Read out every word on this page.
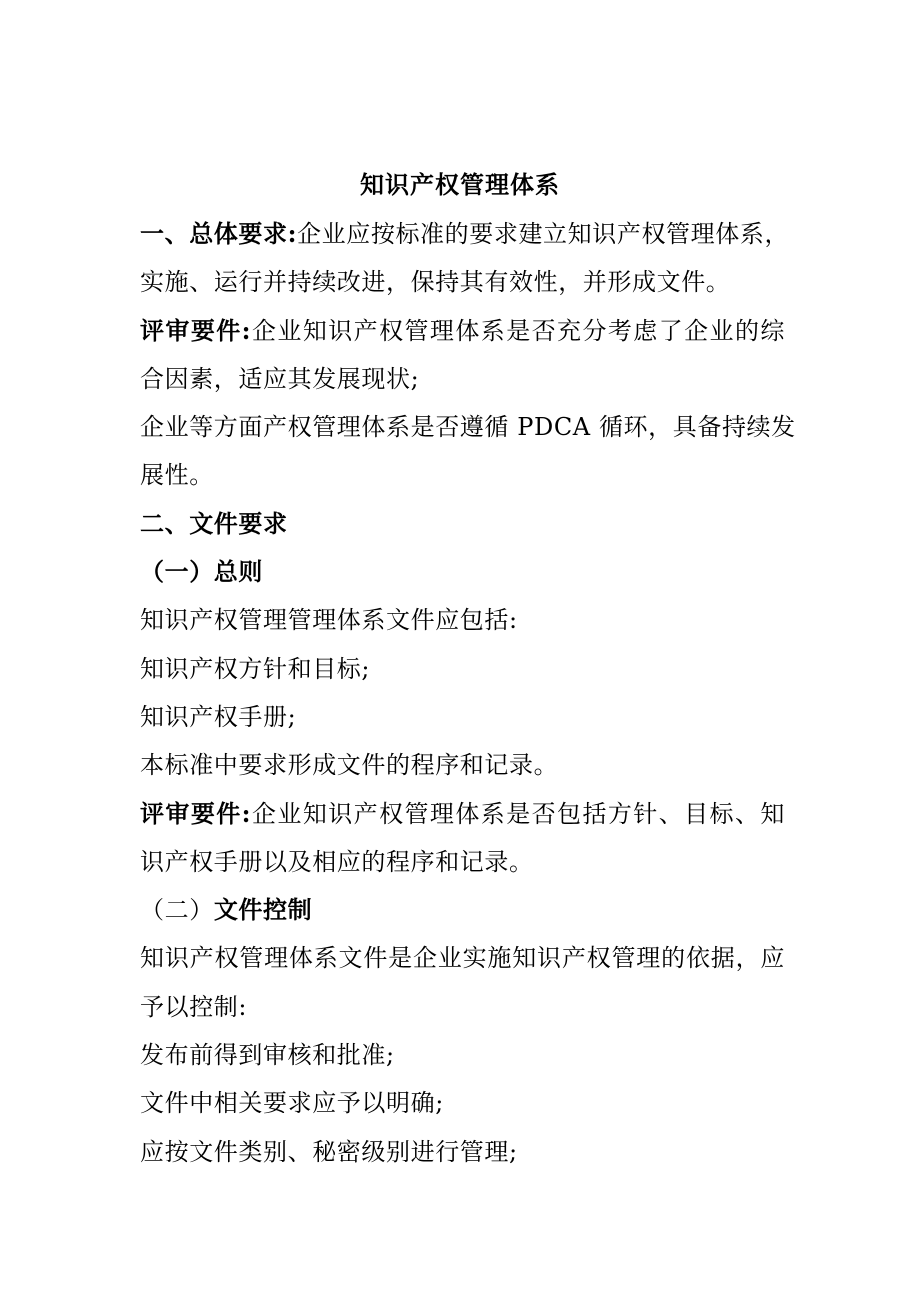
知识产权管理体系
一、总体要求:企业应按标准的要求建立知识产权管理体系，
实施、运行并持续改进，保持其有效性，并形成文件。
评审要件:企业知识产权管理体系是否充分考虑了企业的综
合因素，适应其发展现状;
企业等方面产权管理体系是否遵循 PDCA 循环，具备持续发
展性。
二、文件要求
（一）总则
知识产权管理管理体系文件应包括:
知识产权方针和目标;
知识产权手册;
本标准中要求形成文件的程序和记录。
评审要件:企业知识产权管理体系是否包括方针、目标、知
识产权手册以及相应的程序和记录。
（二）文件控制
知识产权管理体系文件是企业实施知识产权管理的依据，应
予以控制:
发布前得到审核和批准;
文件中相关要求应予以明确;
应按文件类别、秘密级别进行管理;
